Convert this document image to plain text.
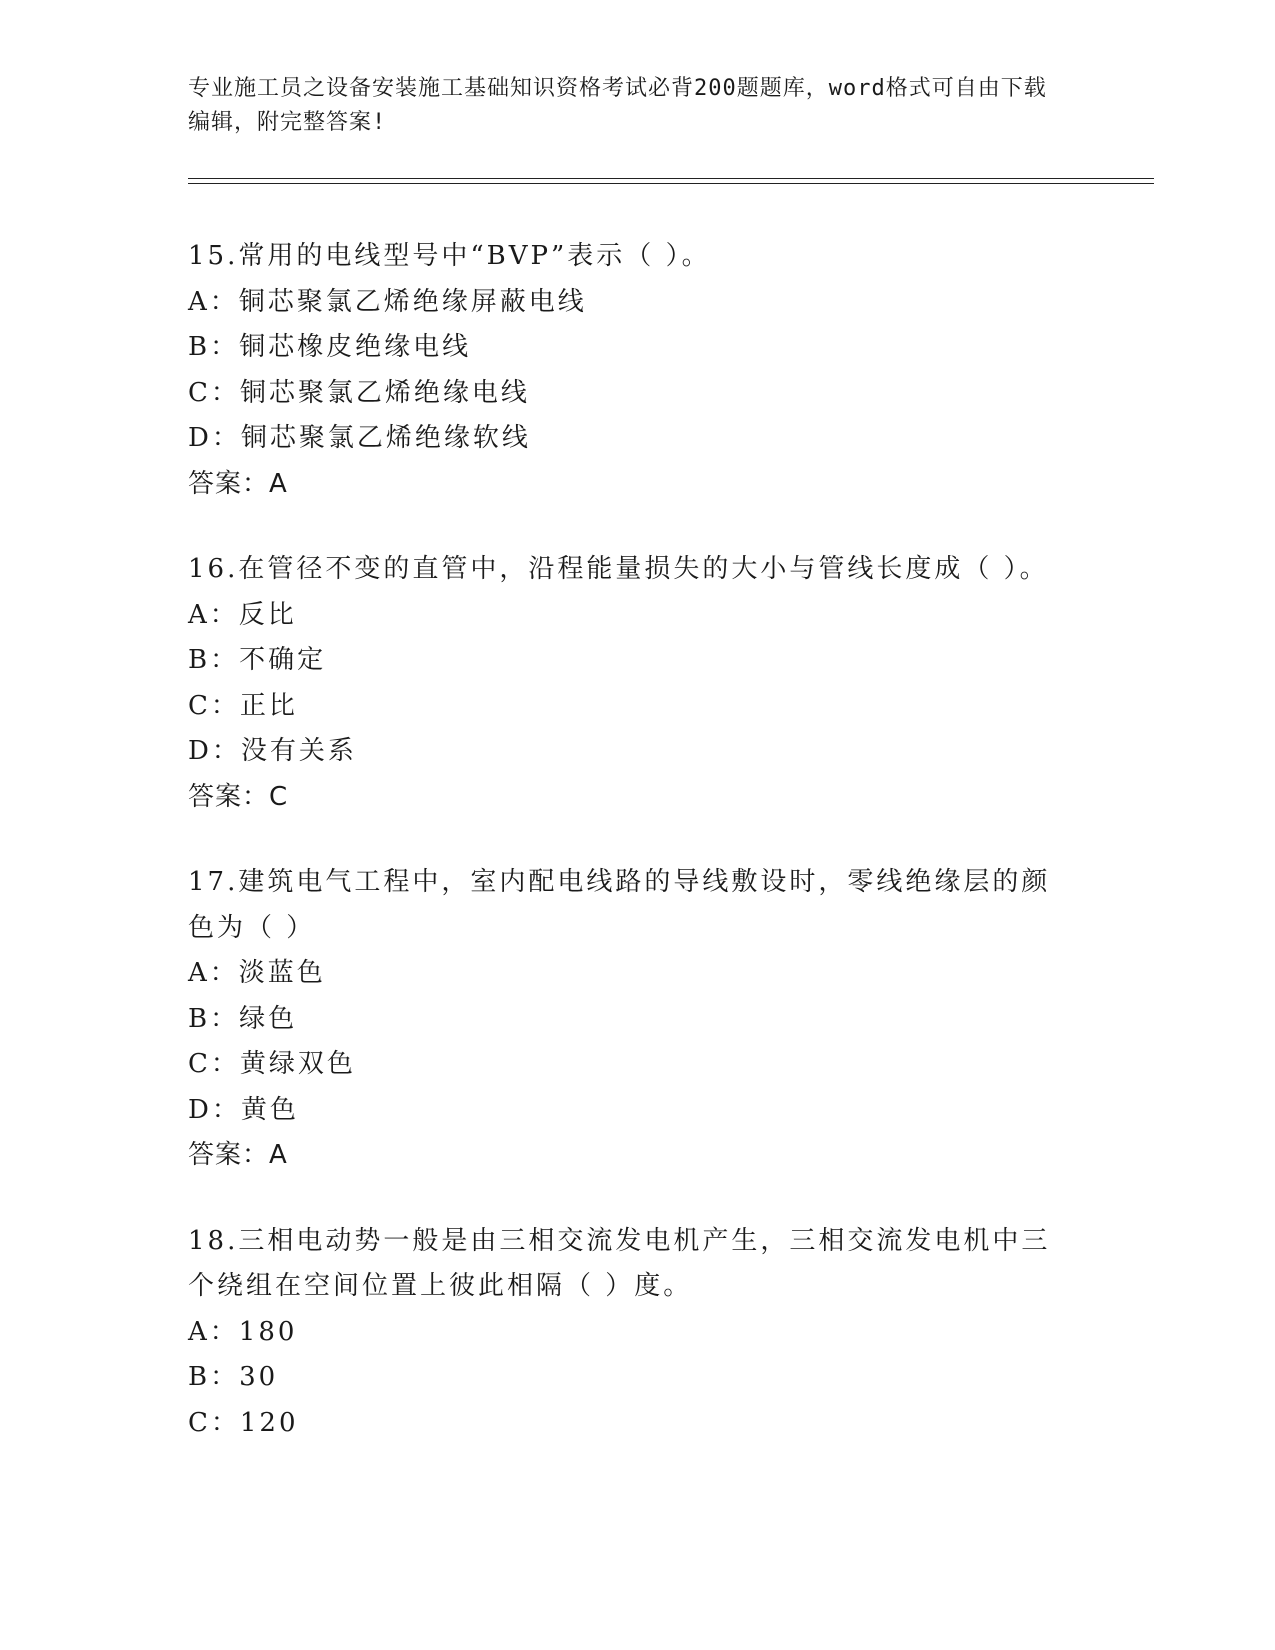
专业施工员之设备安装施工基础知识资格考试必背200题题库，word格式可自由下载编辑，附完整答案!
15.常用的电线型号中“BVP”表示（ ）。
A：铜芯聚氯乙烯绝缘屏蔽电线
B：铜芯橡皮绝缘电线
C：铜芯聚氯乙烯绝缘电线
D：铜芯聚氯乙烯绝缘软线
答案：A
16.在管径不变的直管中，沿程能量损失的大小与管线长度成（ ）。
A：反比
B：不确定
C：正比
D：没有关系
答案：C
17.建筑电气工程中，室内配电线路的导线敷设时，零线绝缘层的颜色为（ ）
A：淡蓝色
B：绿色
C：黄绿双色
D：黄色
答案：A
18.三相电动势一般是由三相交流发电机产生，三相交流发电机中三个绕组在空间位置上彼此相隔（ ）度。
A：180
B：30
C：120
